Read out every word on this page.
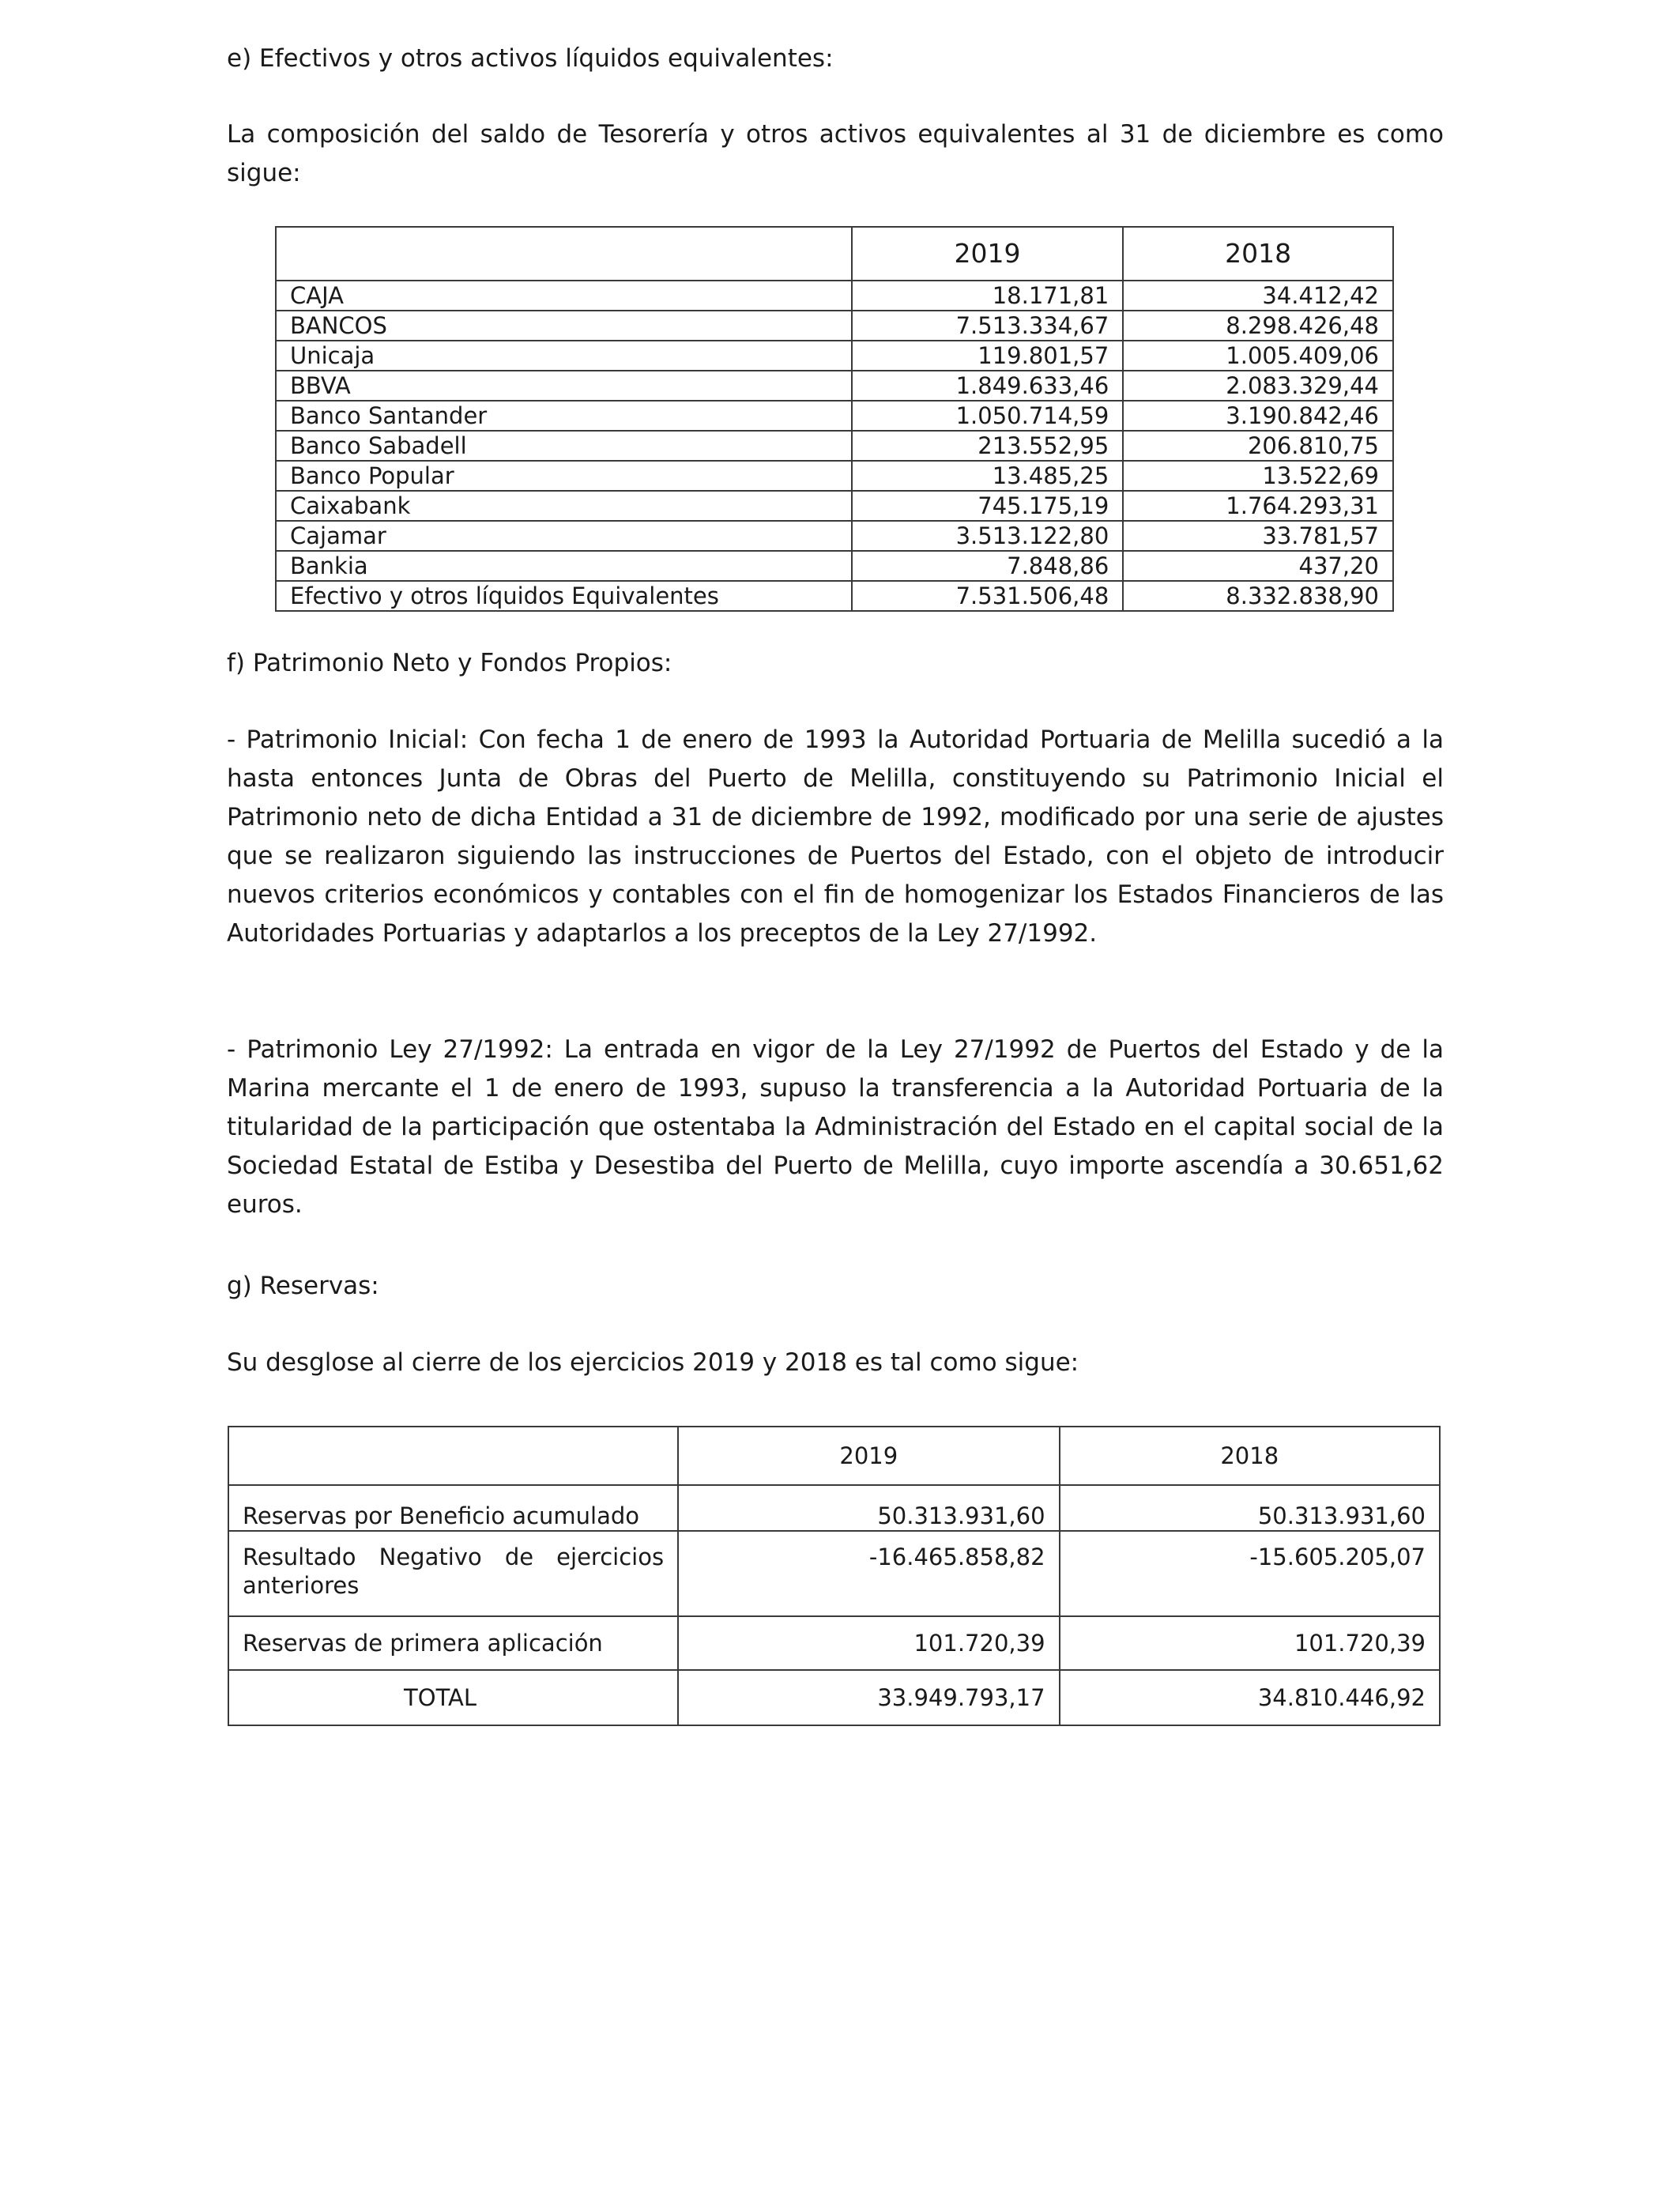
e) Efectivos y otros activos líquidos equivalentes:
La composición del saldo de Tesorería y otros activos equivalentes al 31 de diciembre es como sigue:
	2019	2018
CAJA	18.171,81	34.412,42
BANCOS	7.513.334,67	8.298.426,48
Unicaja	119.801,57	1.005.409,06
BBVA	1.849.633,46	2.083.329,44
Banco Santander	1.050.714,59	3.190.842,46
Banco Sabadell	213.552,95	206.810,75
Banco Popular	13.485,25	13.522,69
Caixabank	745.175,19	1.764.293,31
Cajamar	3.513.122,80	33.781,57
Bankia	7.848,86	437,20
Efectivo y otros líquidos Equivalentes	7.531.506,48	8.332.838,90
f) Patrimonio Neto y Fondos Propios:
- Patrimonio Inicial: Con fecha 1 de enero de 1993 la Autoridad Portuaria de Melilla sucedió a la hasta entonces Junta de Obras del Puerto de Melilla, constituyendo su Patrimonio Inicial el Patrimonio neto de dicha Entidad a 31 de diciembre de 1992, modificado por una serie de ajustes que se realizaron siguiendo las instrucciones de Puertos del Estado, con el objeto de introducir nuevos criterios económicos y contables con el fin de homogenizar los Estados Financieros de las Autoridades Portuarias y adaptarlos a los preceptos de la Ley 27/1992.
- Patrimonio Ley 27/1992: La entrada en vigor de la Ley 27/1992 de Puertos del Estado y de la Marina mercante el 1 de enero de 1993, supuso la transferencia a la Autoridad Portuaria de la titularidad de la participación que ostentaba la Administración del Estado en el capital social de la Sociedad Estatal de Estiba y Desestiba del Puerto de Melilla, cuyo importe ascendía a 30.651,62 euros.
g) Reservas:
Su desglose al cierre de los ejercicios 2019 y 2018 es tal como sigue:
	2019	2018
Reservas por Beneficio acumulado	50.313.931,60	50.313.931,60
Resultado Negativo de ejercicios anteriores	-16.465.858,82	-15.605.205,07
Reservas de primera aplicación	101.720,39	101.720,39
TOTAL	33.949.793,17	34.810.446,92
